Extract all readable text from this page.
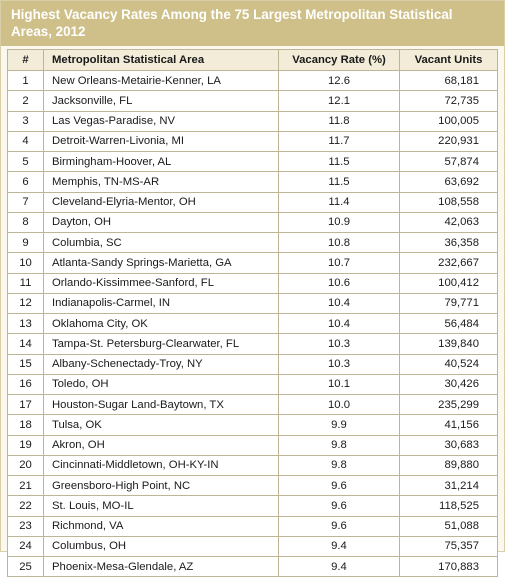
Highest Vacancy Rates Among the 75 Largest Metropolitan Statistical Areas, 2012
#	Metropolitan Statistical Area	Vacancy Rate (%)	Vacant Units
1	New Orleans-Metairie-Kenner, LA	12.6	68,181
2	Jacksonville, FL	12.1	72,735
3	Las Vegas-Paradise, NV	11.8	100,005
4	Detroit-Warren-Livonia, MI	11.7	220,931
5	Birmingham-Hoover, AL	11.5	57,874
6	Memphis, TN-MS-AR	11.5	63,692
7	Cleveland-Elyria-Mentor, OH	11.4	108,558
8	Dayton, OH	10.9	42,063
9	Columbia, SC	10.8	36,358
10	Atlanta-Sandy Springs-Marietta, GA	10.7	232,667
11	Orlando-Kissimmee-Sanford, FL	10.6	100,412
12	Indianapolis-Carmel, IN	10.4	79,771
13	Oklahoma City, OK	10.4	56,484
14	Tampa-St. Petersburg-Clearwater, FL	10.3	139,840
15	Albany-Schenectady-Troy, NY	10.3	40,524
16	Toledo, OH	10.1	30,426
17	Houston-Sugar Land-Baytown, TX	10.0	235,299
18	Tulsa, OK	9.9	41,156
19	Akron, OH	9.8	30,683
20	Cincinnati-Middletown, OH-KY-IN	9.8	89,880
21	Greensboro-High Point, NC	9.6	31,214
22	St. Louis, MO-IL	9.6	118,525
23	Richmond, VA	9.6	51,088
24	Columbus, OH	9.4	75,357
25	Phoenix-Mesa-Glendale, AZ	9.4	170,883
